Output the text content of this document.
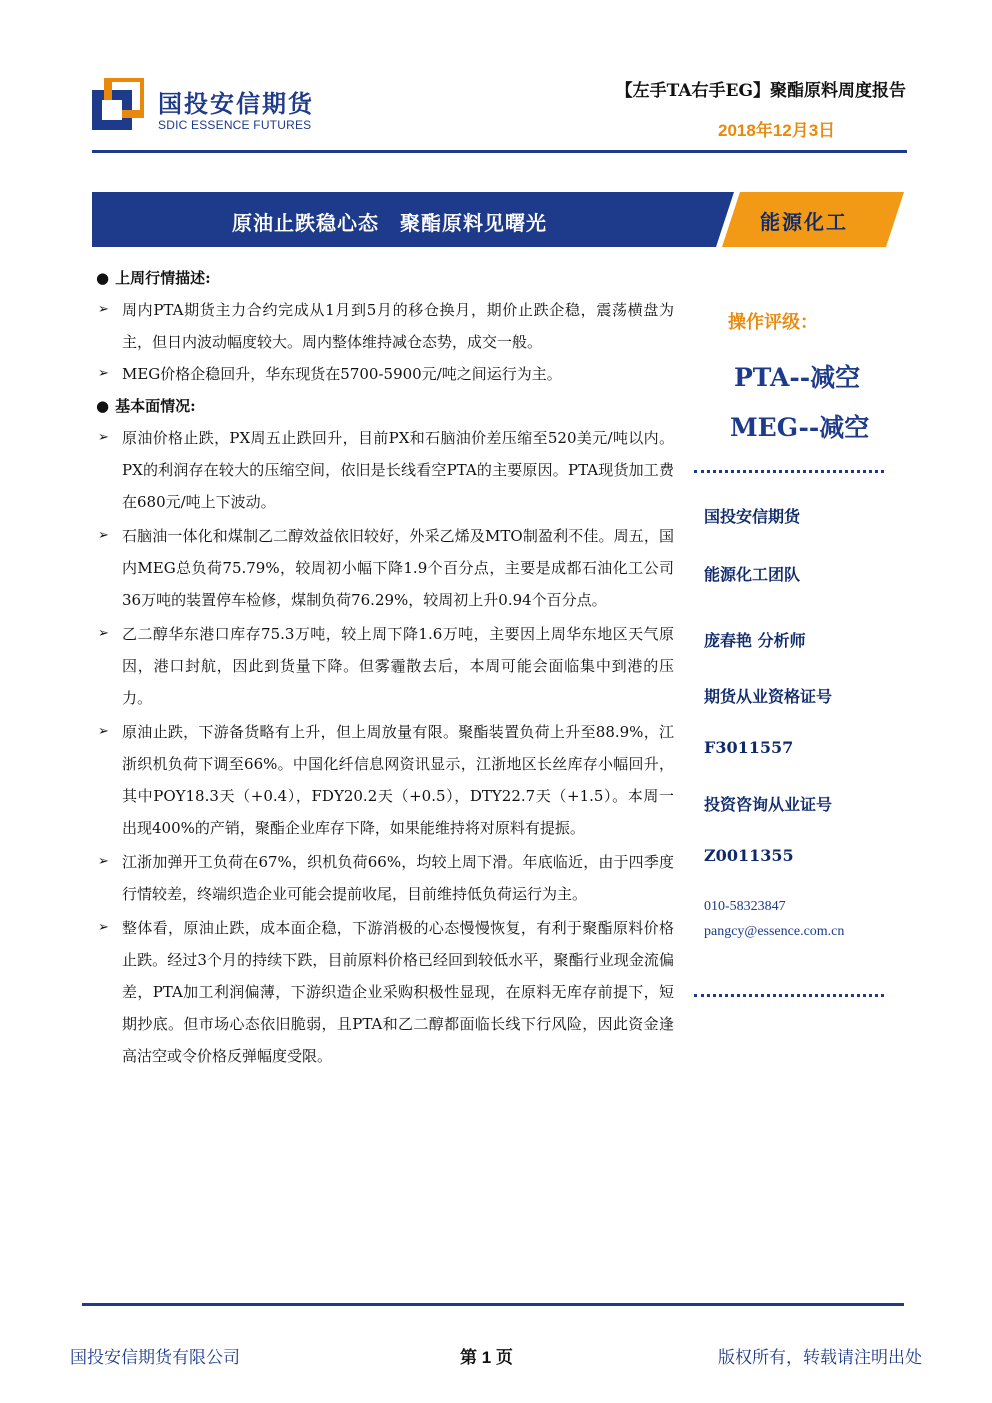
国投安信期货
SDIC ESSENCE FUTURES
【左手TA右手EG】聚酯原料周度报告
2018年12月3日
原油止跌稳心态　聚酯原料见曙光	能源化工
● 上周行情描述:
➢ 周内PTA期货主力合约完成从1月到5月的移仓换月，期价止跌企稳，震荡横盘为主，但日内波动幅度较大。周内整体维持减仓态势，成交一般。
➢ MEG价格企稳回升，华东现货在5700-5900元/吨之间运行为主。
● 基本面情况:
➢ 原油价格止跌，PX周五止跌回升，目前PX和石脑油价差压缩至520美元/吨以内。PX的利润存在较大的压缩空间，依旧是长线看空PTA的主要原因。PTA现货加工费在680元/吨上下波动。
➢ 石脑油一体化和煤制乙二醇效益依旧较好，外采乙烯及MTO制盈利不佳。周五，国内MEG总负荷75.79%，较周初小幅下降1.9个百分点，主要是成都石油化工公司36万吨的装置停车检修，煤制负荷76.29%，较周初上升0.94个百分点。
➢ 乙二醇华东港口库存75.3万吨，较上周下降1.6万吨，主要因上周华东地区天气原因，港口封航，因此到货量下降。但雾霾散去后，本周可能会面临集中到港的压力。
➢ 原油止跌，下游备货略有上升，但上周放量有限。聚酯装置负荷上升至88.9%，江浙织机负荷下调至66%。中国化纤信息网资讯显示，江浙地区长丝库存小幅回升，其中POY18.3天（+0.4），FDY20.2天（+0.5），DTY22.7天（+1.5）。本周一出现400%的产销，聚酯企业库存下降，如果能维持将对原料有提振。
➢ 江浙加弹开工负荷在67%，织机负荷66%，均较上周下滑。年底临近，由于四季度行情较差，终端织造企业可能会提前收尾，目前维持低负荷运行为主。
➢ 整体看，原油止跌，成本面企稳，下游消极的心态慢慢恢复，有利于聚酯原料价格止跌。经过3个月的持续下跌，目前原料价格已经回到较低水平，聚酯行业现金流偏差，PTA加工利润偏薄，下游织造企业采购积极性显现，在原料无库存前提下，短期抄底。但市场心态依旧脆弱，且PTA和乙二醇都面临长线下行风险，因此资金逢高沽空或令价格反弹幅度受限。
操作评级：
PTA--减空
MEG--减空
国投安信期货
能源化工团队
庞春艳 分析师
期货从业资格证号
F3011557
投资咨询从业证号
Z0011355
010-58323847
pangcy@essence.com.cn
国投安信期货有限公司	第 1 页	版权所有，转载请注明出处
